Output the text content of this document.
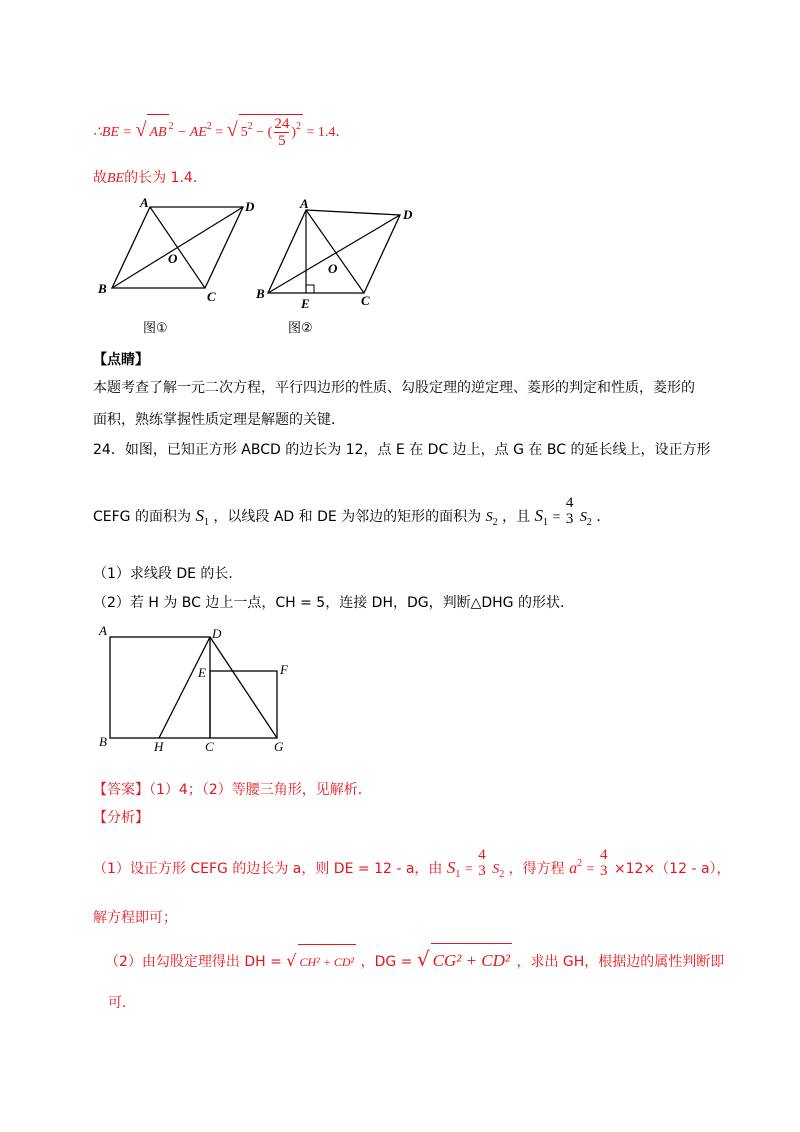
∴BE = √ AB $^2 - AE^2$ = √ $5^2$ − ( $\frac{24}{5} )^2 = 1.4$．
故BE的长为 1.4．
A	D
B
C
O
图①
A
D
B	C
O
E
图②
【点睛】
本题考查了解一元二次方程，平行四边形的性质、勾股定理的逆定理、菱形的判定和性质，菱形的
面积，熟练掌握性质定理是解题的关键．
24．如图，已知正方形 ABCD 的边长为 12，点 E 在 DC 边上，点 G 在 BC 的延长线上，设正方形
CEFG 的面积为 $S_1$ ，以线段 AD 和 DE 为邻边的矩形的面积为 $S_2$ ，且 $S_1$ =
4
3 $S_2$ ．
（1）求线段 DE 的长．
（2）若 H 为 BC 边上一点，CH = 5，连接 DH，DG，判断△DHG 的形状．
A	D
E	F
B	H	C	G
【答案】（1）4；（2）等腰三角形，见解析．
【分析】
（1）设正方形 CEFG 的边长为 a，则 DE = 12 - a，由 $S_1$ =
4
3 $S_2$ ，得方程 $a^2$ =
4
3 ×12×（12 - a），
解方程即可；
（2）由勾股定理得出 DH = √ CH² + CD² ，DG = √ CG² + CD² ，求出 GH，根据边的属性判断即
可．
